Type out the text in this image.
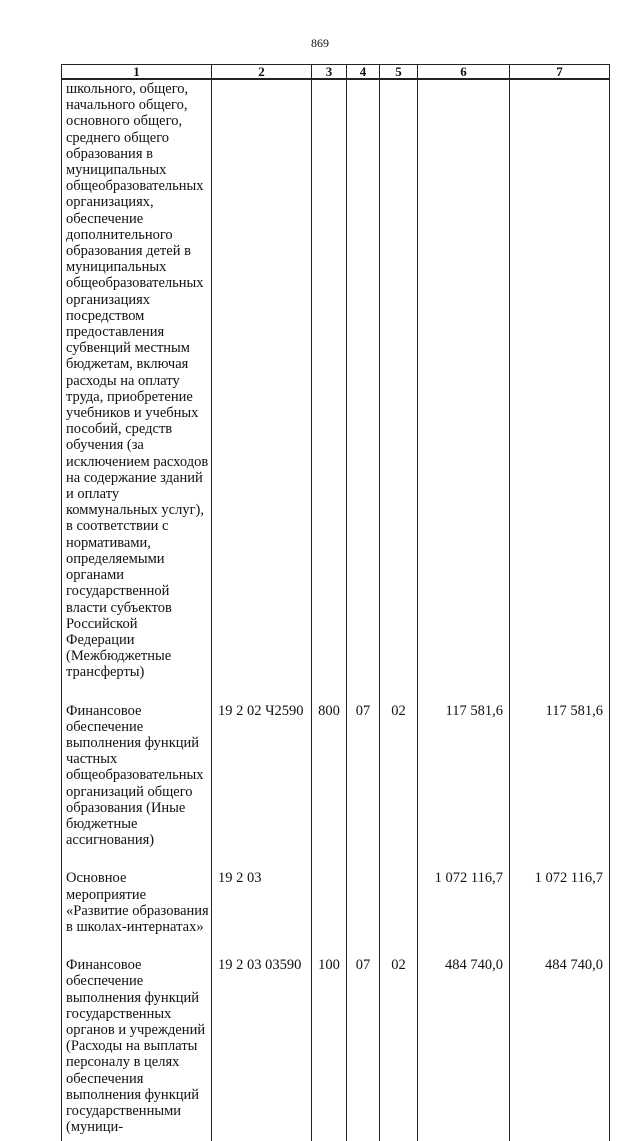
869
1	2	3	4	5	6	7

школьного, общего, начального общего, основного общего, среднего общего образования в муниципальных общеобразовательных организациях, обеспечение дополнительного образования детей в муниципальных общеобразовательных организациях посредством предоставления субвенций местным бюджетам, включая расходы на оплату труда, приобретение учебников и учебных пособий, средств обучения (за исключением расходов на содержание зданий и оплату коммунальных услуг), в соответствии с нормативами, определяемыми органами государственной власти субъектов Российской Федерации (Межбюджетные трансферты)						

Финансовое обеспечение выполнения функций частных общеобразовательных организаций общего образования (Иные бюджетные ассигнования)	19 2 02 Ч2590	800	07	02	117 581,6	117 581,6

Основное мероприятие «Развитие образования в школах-интернатах»	19 2 03				1 072 116,7	1 072 116,7

Финансовое обеспечение выполнения функций государственных органов и учреждений (Расходы на выплаты персоналу в целях обеспечения выполнения функций государственными (муници-	19 2 03 03590	100	07	02	484 740,0	484 740,0
